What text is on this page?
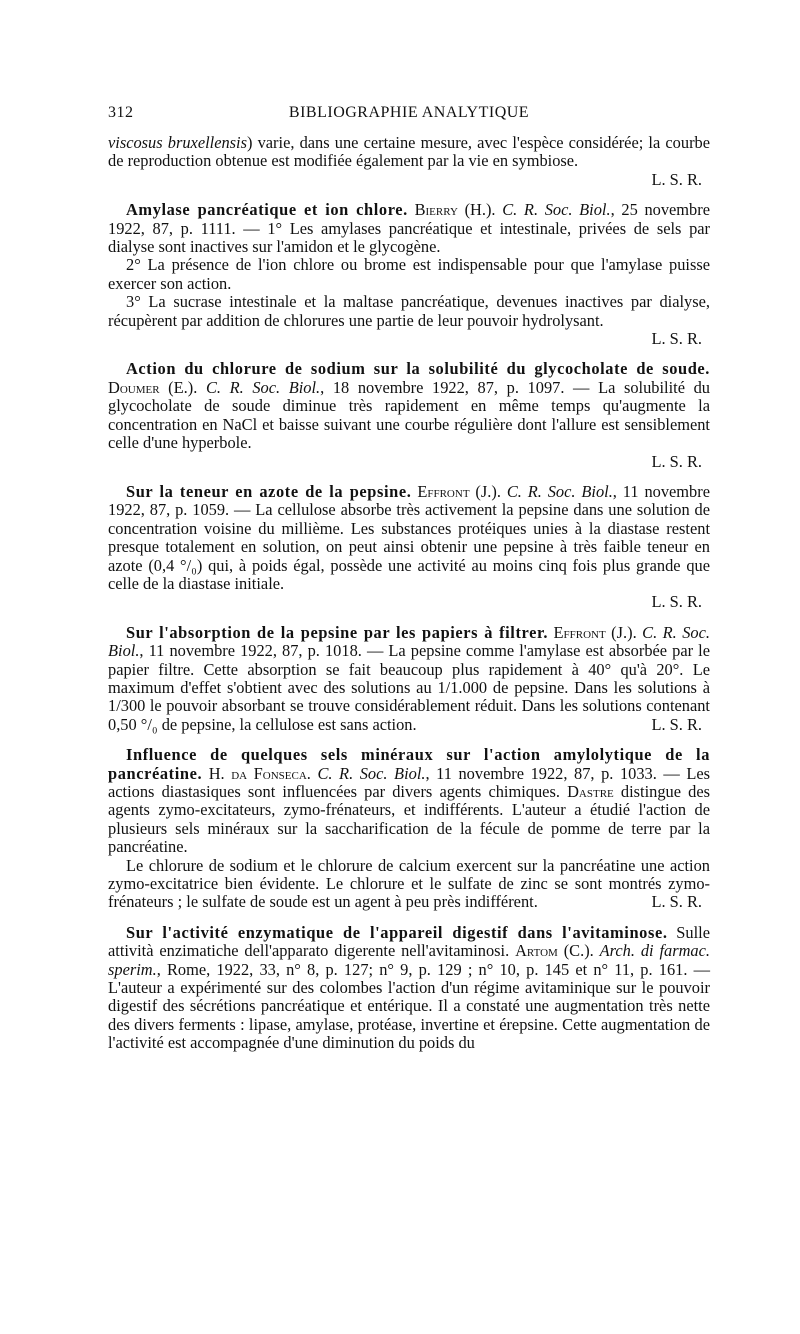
312	BIBLIOGRAPHIE ANALYTIQUE

viscosus bruxellensis) varie, dans une certaine mesure, avec l'espèce considérée; la courbe de reproduction obtenue est modifiée également par la vie en symbiose.

L. S. R.

Amylase pancréatique et ion chlore. Bierry (H.). C. R. Soc. Biol., 25 novembre 1922, 87, p. 1111. — 1° Les amylases pancréatique et intestinale, privées de sels par dialyse sont inactives sur l'amidon et le glycogène.

2° La présence de l'ion chlore ou brome est indispensable pour que l'amylase puisse exercer son action.

3° La sucrase intestinale et la maltase pancréatique, devenues inactives par dialyse, récupèrent par addition de chlorures une partie de leur pouvoir hydrolysant.

L. S. R.

Action du chlorure de sodium sur la solubilité du glycocholate de soude. Doumer (E.). C. R. Soc. Biol., 18 novembre 1922, 87, p. 1097. — La solubilité du glycocholate de soude diminue très rapidement en même temps qu'augmente la concentration en NaCl et baisse suivant une courbe régulière dont l'allure est sensiblement celle d'une hyperbole.

L. S. R.

Sur la teneur en azote de la pepsine. Effront (J.). C. R. Soc. Biol., 11 novembre 1922, 87, p. 1059. — La cellulose absorbe très activement la pepsine dans une solution de concentration voisine du millième. Les substances protéiques unies à la diastase restent presque totalement en solution, on peut ainsi obtenir une pepsine à très faible teneur en azote (0,4 °/₀) qui, à poids égal, possède une activité au moins cinq fois plus grande que celle de la diastase initiale.

L. S. R.

Sur l'absorption de la pepsine par les papiers à filtrer. Effront (J.). C. R. Soc. Biol., 11 novembre 1922, 87, p. 1018. — La pepsine comme l'amylase est absorbée par le papier filtre. Cette absorption se fait beaucoup plus rapidement à 40° qu'à 20°. Le maximum d'effet s'obtient avec des solutions au 1/1.000 de pepsine. Dans les solutions à 1/300 le pouvoir absorbant se trouve considérablement réduit. Dans les solutions contenant 0,50 °/₀ de pepsine, la cellulose est sans action.	L. S. R.

Influence de quelques sels minéraux sur l'action amylolytique de la pancréatine. H. da Fonseca. C. R. Soc. Biol., 11 novembre 1922, 87, p. 1033. — Les actions diastasiques sont influencées par divers agents chimiques. Dastre distingue des agents zymo-excitateurs, zymo-frénateurs, et indifférents. L'auteur a étudié l'action de plusieurs sels minéraux sur la saccharification de la fécule de pomme de terre par la pancréatine.

Le chlorure de sodium et le chlorure de calcium exercent sur la pancréatine une action zymo-excitatrice bien évidente. Le chlorure et le sulfate de zinc se sont montrés zymo-frénateurs ; le sulfate de soude est un agent à peu près indifférent.	L. S. R.

Sur l'activité enzymatique de l'appareil digestif dans l'avitaminose. Sulle attività enzimatiche dell'apparato digerente nell'avitaminosi. Artom (C.). Arch. di farmac. sperim., Rome, 1922, 33, n° 8, p. 127; n° 9, p. 129 ; n° 10, p. 145 et n° 11, p. 161. — L'auteur a expérimenté sur des colombes l'action d'un régime avitaminique sur le pouvoir digestif des sécrétions pancréatique et entérique. Il a constaté une augmentation très nette des divers ferments : lipase, amylase, protéase, invertine et érepsine. Cette augmentation de l'activité est accompagnée d'une diminution du poids du
